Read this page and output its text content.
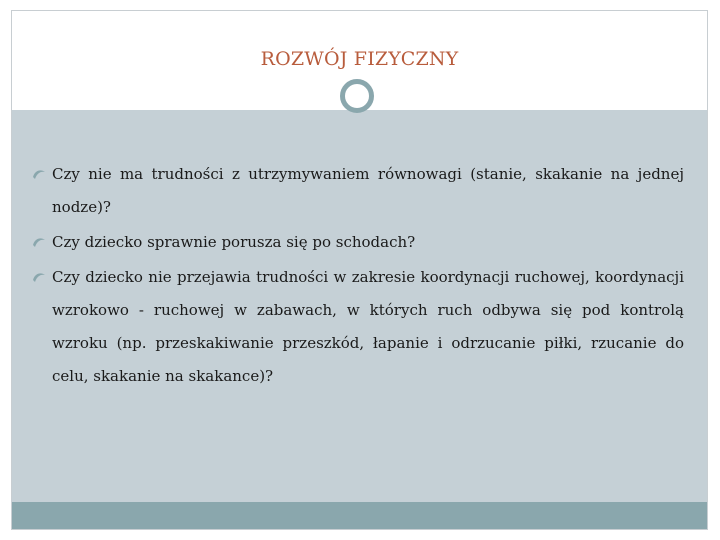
ROZWÓJ FIZYCZNY
Czy nie ma trudności z utrzymywaniem równowagi (stanie, skakanie na jednej nodze)?
Czy dziecko sprawnie porusza się po schodach?
Czy dziecko nie przejawia trudności w zakresie koordynacji ruchowej, koordynacji wzrokowo - ruchowej w zabawach, w których ruch odbywa się pod kontrolą wzroku (np. przeskakiwanie przeszkód, łapanie i odrzucanie piłki, rzucanie do celu, skakanie na skakance)?
